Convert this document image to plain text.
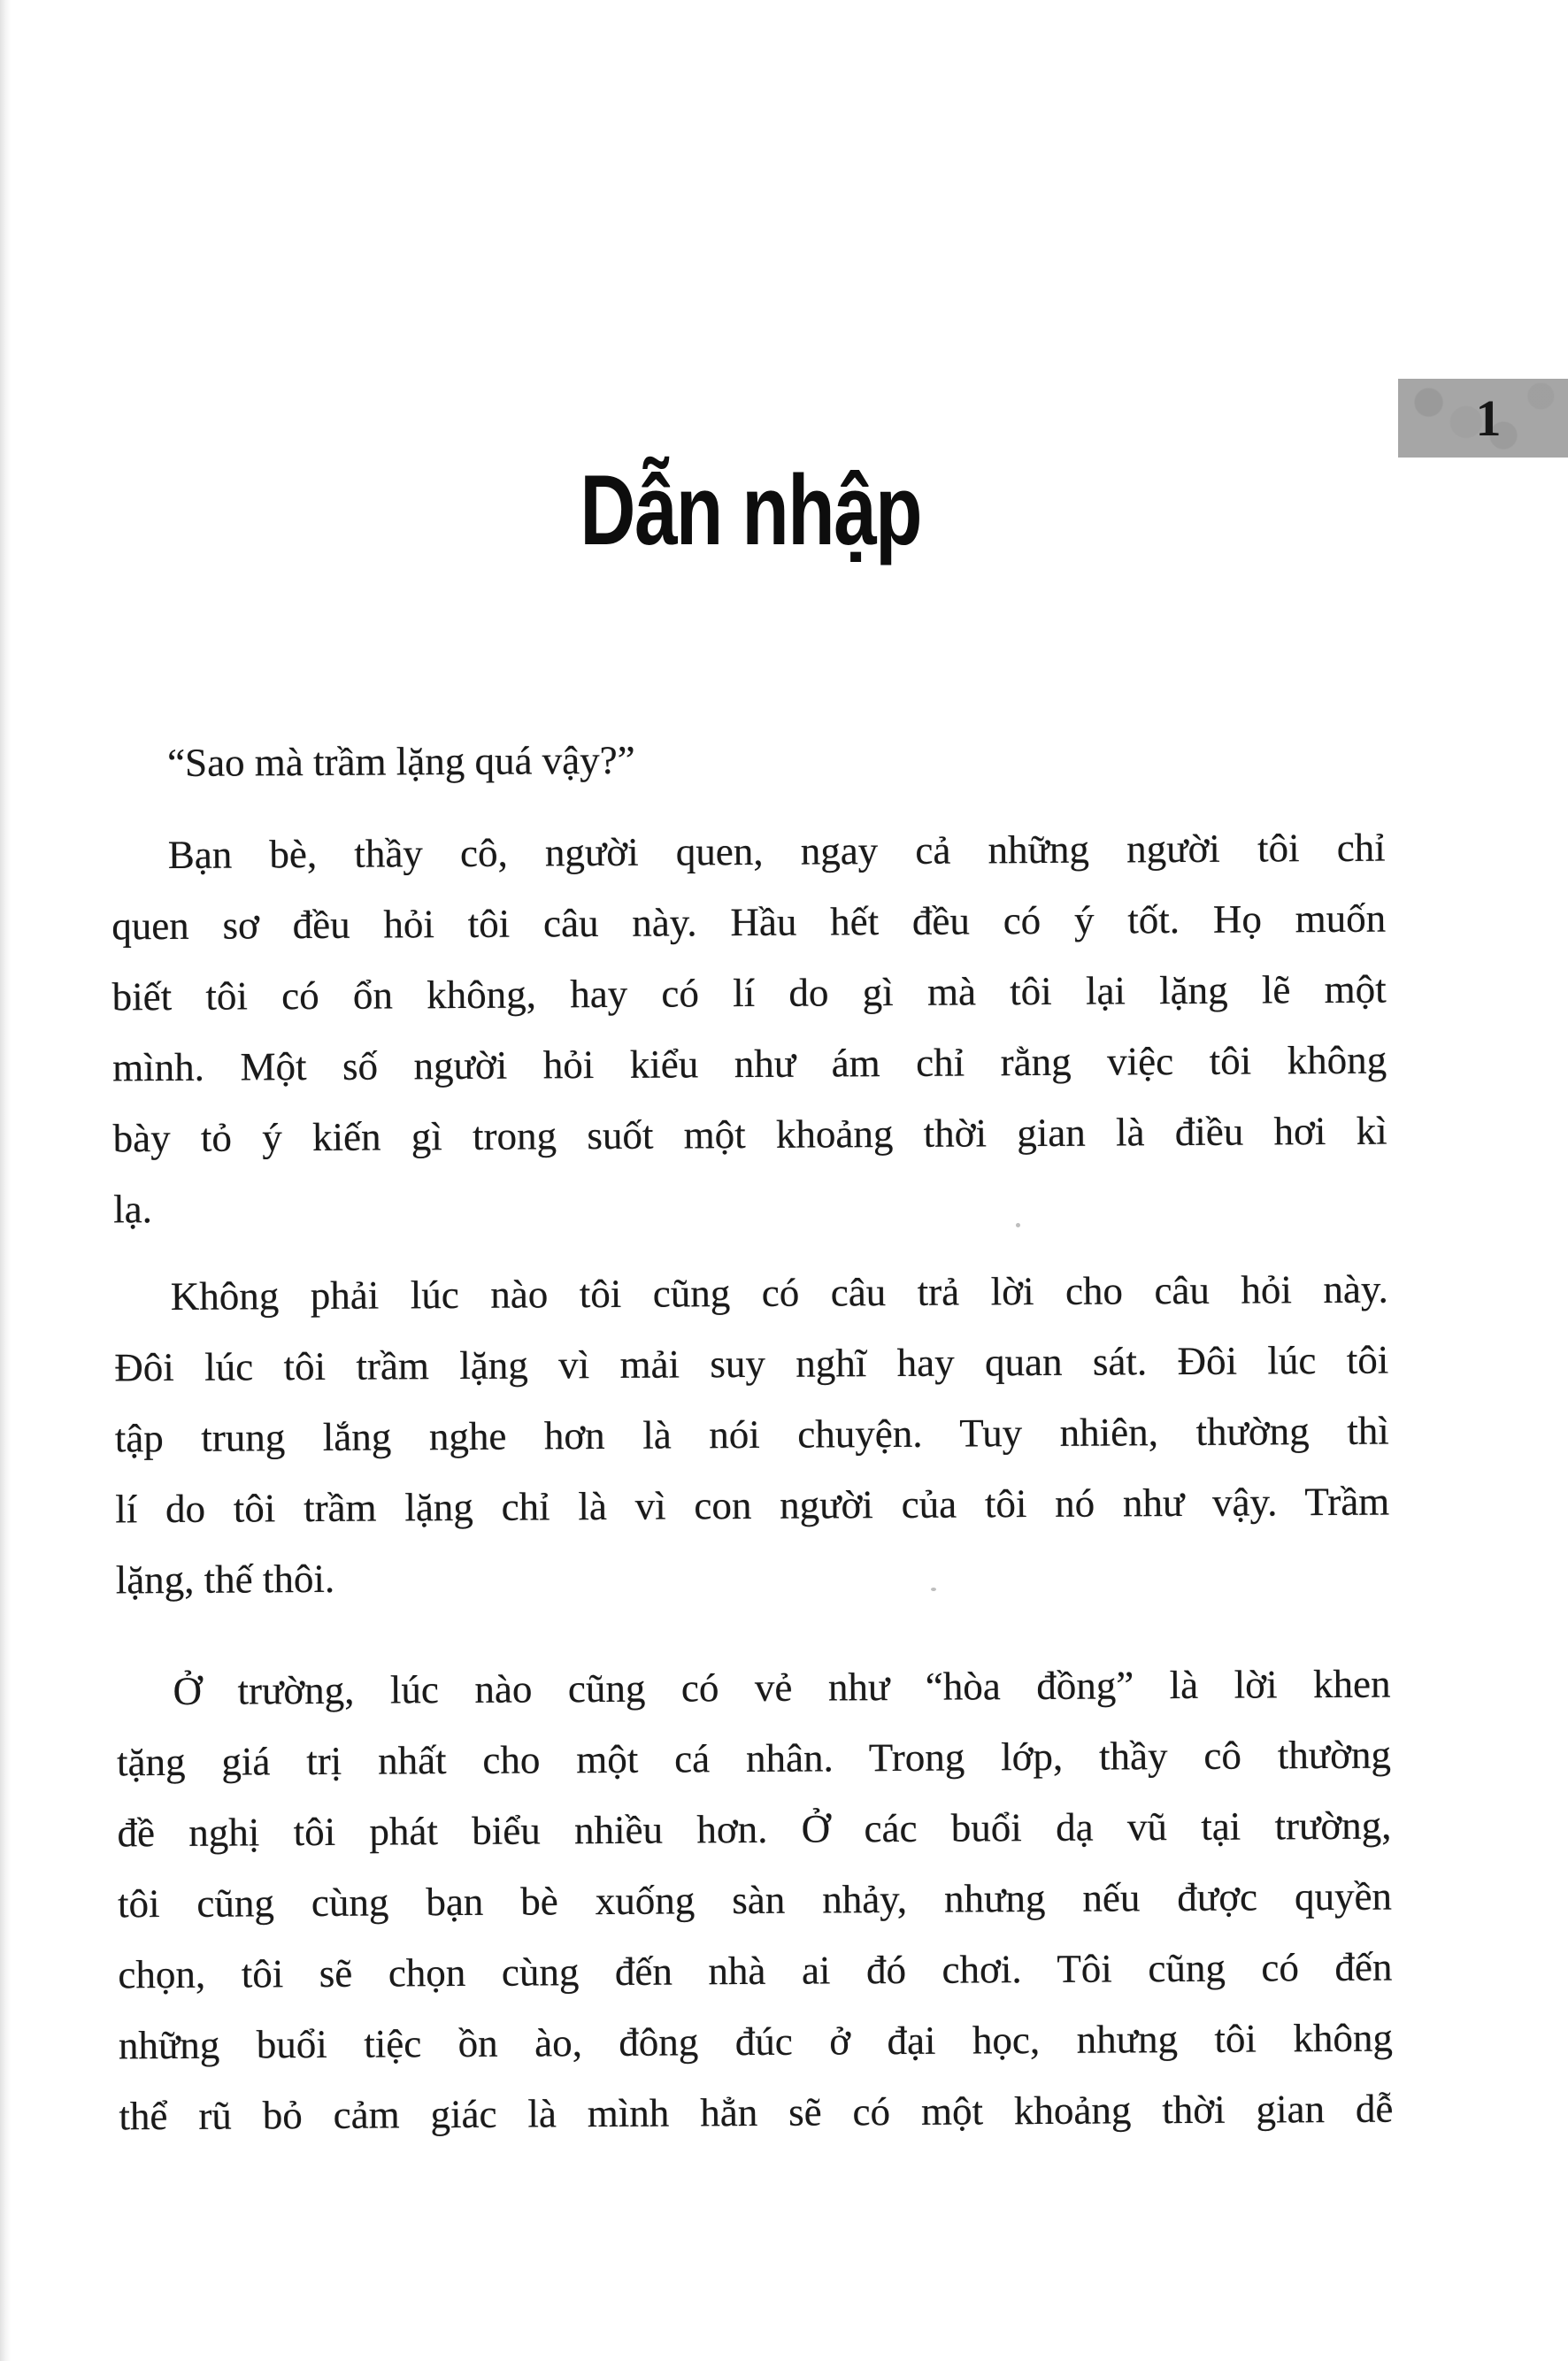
1
Dẫn nhập
“Sao mà trầm lặng quá vậy?”
Bạn bè, thầy cô, người quen, ngay cả những người tôi chỉ
quen sơ đều hỏi tôi câu này. Hầu hết đều có ý tốt. Họ muốn
biết tôi có ổn không, hay có lí do gì mà tôi lại lặng lẽ một
mình. Một số người hỏi kiểu như ám chỉ rằng việc tôi không
bày tỏ ý kiến gì trong suốt một khoảng thời gian là điều hơi kì
lạ.
Không phải lúc nào tôi cũng có câu trả lời cho câu hỏi này.
Đôi lúc tôi trầm lặng vì mải suy nghĩ hay quan sát. Đôi lúc tôi
tập trung lắng nghe hơn là nói chuyện. Tuy nhiên, thường thì
lí do tôi trầm lặng chỉ là vì con người của tôi nó như vậy. Trầm
lặng, thế thôi.
Ở trường, lúc nào cũng có vẻ như “hòa đồng” là lời khen
tặng giá trị nhất cho một cá nhân. Trong lớp, thầy cô thường
đề nghị tôi phát biểu nhiều hơn. Ở các buổi dạ vũ tại trường,
tôi cũng cùng bạn bè xuống sàn nhảy, nhưng nếu được quyền
chọn, tôi sẽ chọn cùng đến nhà ai đó chơi. Tôi cũng có đến
những buổi tiệc ồn ào, đông đúc ở đại học, nhưng tôi không
thể rũ bỏ cảm giác là mình hẳn sẽ có một khoảng thời gian dễ
